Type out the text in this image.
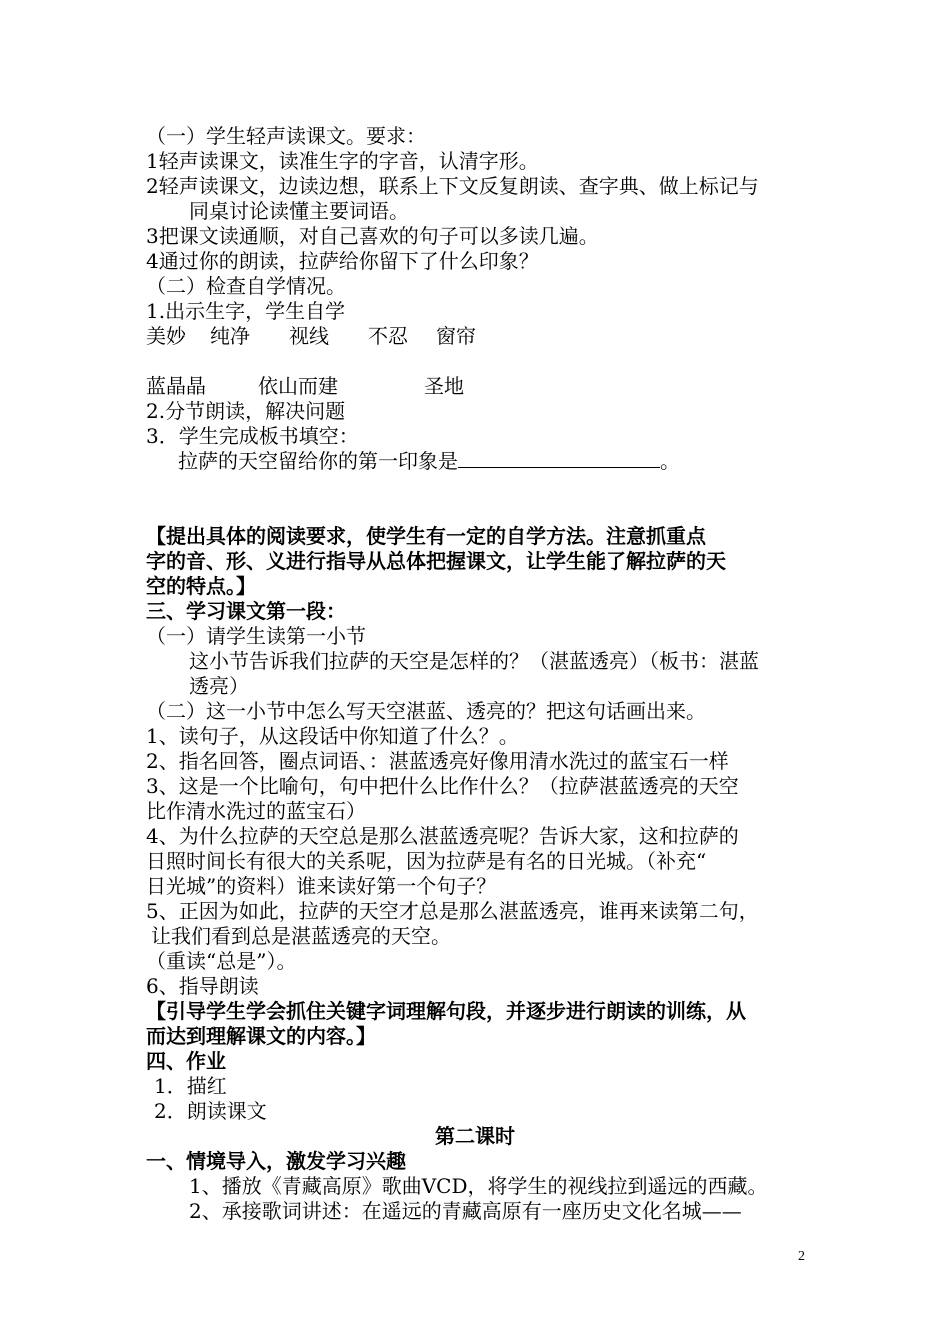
（一）学生轻声读课文。要求：

1轻声读课文，读准生字的字音，认清字形。

2轻声读课文，边读边想，联系上下文反复朗读、查字典、做上标记与

同桌讨论读懂主要词语。

3把课文读通顺，对自己喜欢的句子可以多读几遍。

4通过你的朗读，拉萨给你留下了什么印象？

（二）检查自学情况。

1.出示生字，学生自学

美妙 纯净 视线 不忍 窗帘

蓝晶晶	依山而建	圣地

2.分节朗读，解决问题

3．学生完成板书填空：

拉萨的天空留给你的第一印象是	。

【提出具体的阅读要求，使学生有一定的自学方法。注意抓重点

字的音、形、义进行指导从总体把握课文，让学生能了解拉萨的天

空的特点。】

三、学习课文第一段：

（一）请学生读第一小节

这小节告诉我们拉萨的天空是怎样的？（湛蓝透亮）（板书：湛蓝

透亮）

（二）这一小节中怎么写天空湛蓝、透亮的？把这句话画出来。

1、读句子，从这段话中你知道了什么？。

2、指名回答，圈点词语、：湛蓝透亮好像用清水洗过的蓝宝石一样

3、这是一个比喻句，句中把什么比作什么？（拉萨湛蓝透亮的天空

比作清水洗过的蓝宝石）

4、为什么拉萨的天空总是那么湛蓝透亮呢？告诉大家，这和拉萨的

日照时间长有很大的关系呢，因为拉萨是有名的日光城。（补充“

日光城”的资料）谁来读好第一个句子？

5、正因为如此，拉萨的天空才总是那么湛蓝透亮，谁再来读第二句，

让我们看到总是湛蓝透亮的天空。

（重读“总是”）。

6、指导朗读

【引导学生学会抓住关键字词理解句段，并逐步进行朗读的训练，从

而达到理解课文的内容。】

四、作业

1．描红

2．朗读课文

第二课时

一、情境导入，激发学习兴趣

1、播放《青藏高原》歌曲VCD，将学生的视线拉到遥远的西藏。

2、承接歌词讲述：在遥远的青藏高原有一座历史文化名城——

2
